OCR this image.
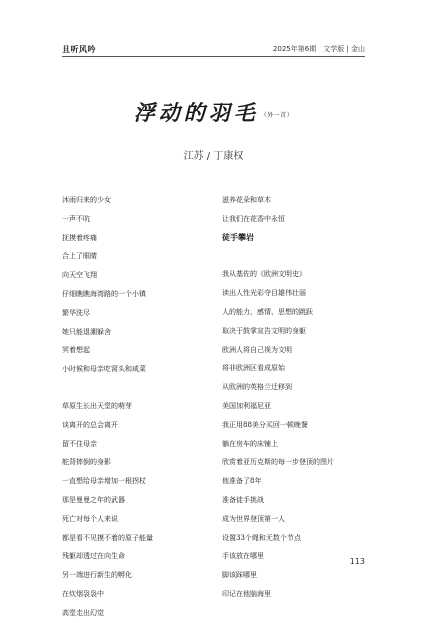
且听风吟	2025年第6期　文学版 | 金山
浮动的羽毛 （外一首）
江苏 / 丁康权
沐雨归来的少女
一声不吭
抚摸着疼痛
合上了眼睛
向天空飞翔
仔细瞧瞧海湾路的一个小镇
繁华洗尽
她只能退潮躲舍
冥着想起
小时候和母亲吃窝头和咸菜
草原生长出天堂的萌芽
谈离开的总会离开
留不住母亲
舵背摔倒的身影
一直想给母亲增加一根拐杖
那是曼曼之年的武器
死亡对每个人来说
都是看不见摸不着的原子能量
残躯却透过在向生命
另一端进行新生的孵化
在炊烟袅袅中
高堂走出幻觉
滋养花朵和草木
让我们在花香中永恒
徒手攀岩
我从基佐的《欧洲文明史》
读出人性光彩夺目雄伟壮丽
人的能力、感情、思想的跳跃
取决于鼓掌宣告文明的身躯
欧洲人将自己视为文明
将非欧洲区看成原始
从欧洲的英格兰迁移到
美国加利福尼亚
我正用88美分买回一顿晚餐
躺在房车的床铺上
欣赏着亚历克斯的每一步登顶的图片
他准备了8年
准备徒手挑战
成为世界登顶第一人
设置33个绳和无数个节点
手该放在哪里
脚该踩哪里
印记在他脑海里
113
